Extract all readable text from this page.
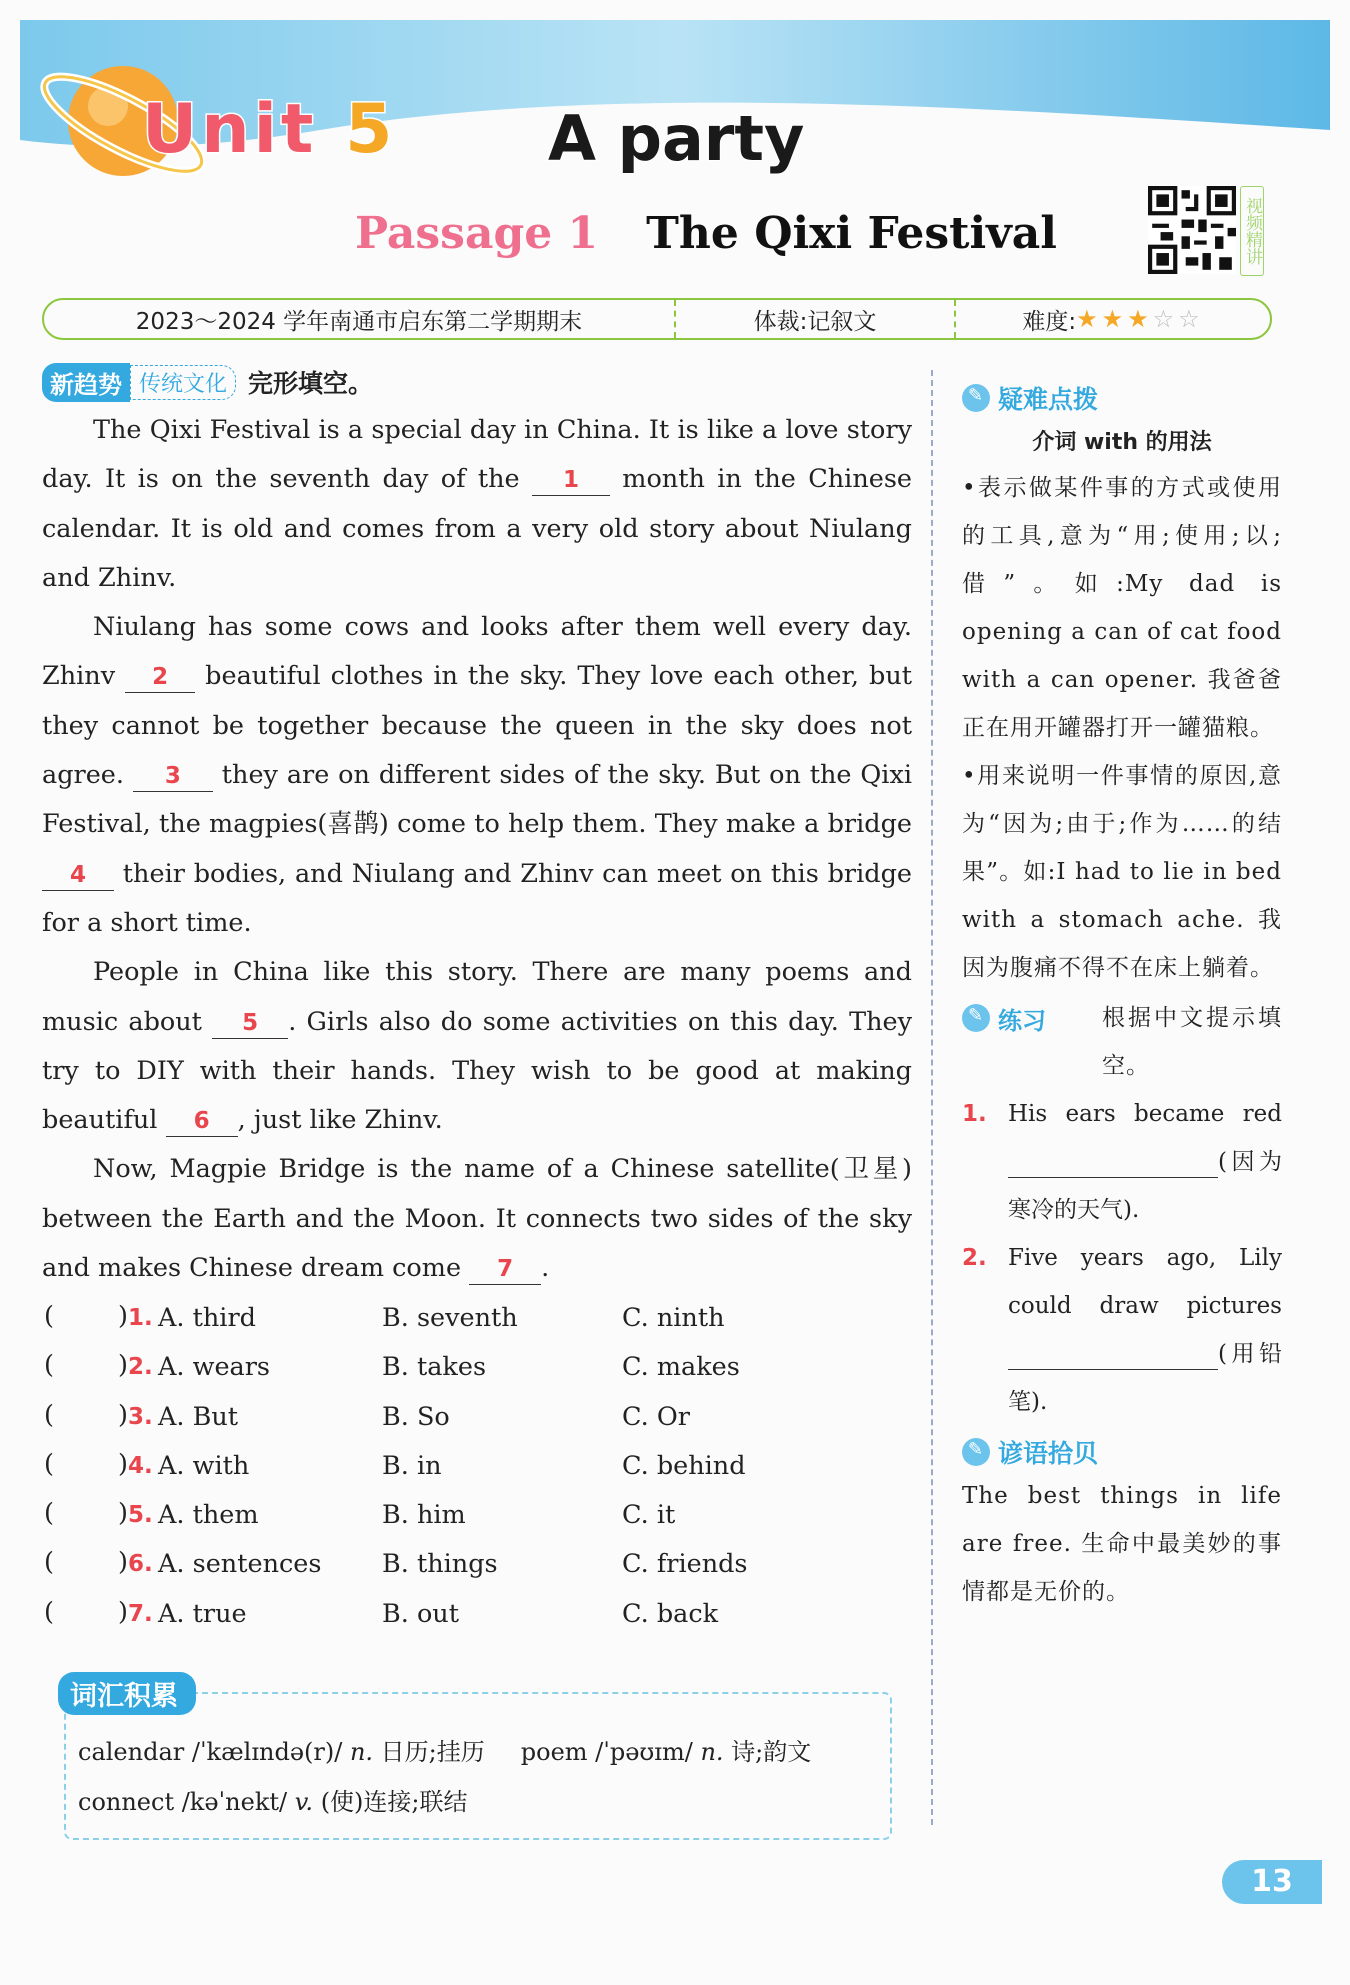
Unit 5 A party
Passage 1 The Qixi Festival	视频精讲
2023～2024 学年南通市启东第二学期期末	体裁:记叙文	难度: ★★★☆☆
新趋势 传统文化 完形填空。

The Qixi Festival is a special day in China. It is like a love story day. It is on the seventh day of the 1 month in the Chinese calendar. It is old and comes from a very old story about Niulang and Zhinv.

Niulang has some cows and looks after them well every day. Zhinv 2 beautiful clothes in the sky. They love each other, but they cannot be together because the queen in the sky does not agree. 3 they are on different sides of the sky. But on the Qixi Festival, the magpies(喜鹊) come to help them. They make a bridge 4 their bodies, and Niulang and Zhinv can meet on this bridge for a short time.

People in China like this story. There are many poems and music about 5 . Girls also do some activities on this day. They try to DIY with their hands. They wish to be good at making beautiful 6 , just like Zhinv.

Now, Magpie Bridge is the name of a Chinese satellite(卫星) between the Earth and the Moon. It connects two sides of the sky and makes Chinese dream come 7 .

(	) 1. A. third	B. seventh	C. ninth
(	) 2. A. wears	B. takes	C. makes
(	) 3. A. But	B. So	C. Or
(	) 4. A. with	B. in	C. behind
(	) 5. A. them	B. him	C. it
(	) 6. A. sentences	B. things	C. friends
(	) 7. A. true	B. out	C. back
词汇积累
calendar /ˈkælɪndə(r)/ n. 日历;挂历 poem /ˈpəʊɪm/ n. 诗;韵文
connect /kəˈnekt/ v. (使)连接;联结
✎
疑难点拨
介词 with 的用法
•表示做某件事的方式或使用的工具,意为“用;使用;以;借”。如:My dad is opening a can of cat food with a can opener. 我爸爸正在用开罐器打开一罐猫粮。
•用来说明一件事情的原因,意为“因为;由于;作为……的结果”。如:I had to lie in bed with a stomach ache. 我因为腹痛不得不在床上躺着。
✎
练习	根据中文提示填空。
1. His ears became red (因为寒冷的天气).
2. Five years ago, Lily could draw pictures (用铅笔).
✎
谚语拾贝
The best things in life are free. 生命中最美妙的事情都是无价的。
13
